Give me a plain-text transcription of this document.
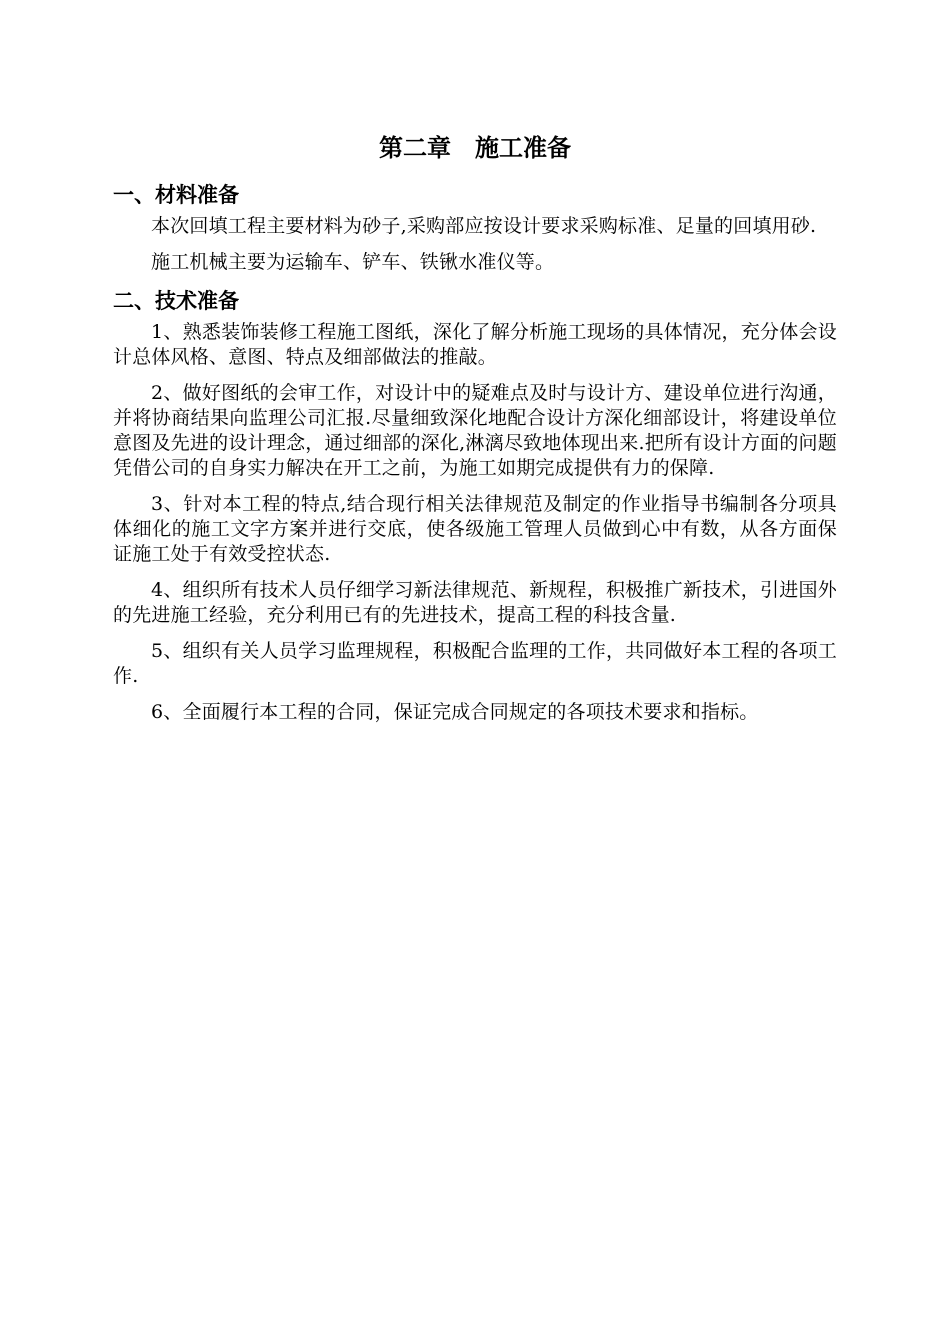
第二章　施工准备
一、材料准备

本次回填工程主要材料为砂子,采购部应按设计要求采购标准、足量的回填用砂.

施工机械主要为运输车、铲车、铁锹水准仪等。

二、技术准备

1、熟悉装饰装修工程施工图纸，深化了解分析施工现场的具体情况，充分体会设计总体风格、意图、特点及细部做法的推敲。

2、做好图纸的会审工作，对设计中的疑难点及时与设计方、建设单位进行沟通，并将协商结果向监理公司汇报.尽量细致深化地配合设计方深化细部设计，将建设单位意图及先进的设计理念，通过细部的深化,淋漓尽致地体现出来.把所有设计方面的问题凭借公司的自身实力解决在开工之前，为施工如期完成提供有力的保障.

3、针对本工程的特点,结合现行相关法律规范及制定的作业指导书编制各分项具体细化的施工文字方案并进行交底，使各级施工管理人员做到心中有数，从各方面保证施工处于有效受控状态.

4、组织所有技术人员仔细学习新法律规范、新规程，积极推广新技术，引进国外的先进施工经验，充分利用已有的先进技术，提高工程的科技含量.

5、组织有关人员学习监理规程，积极配合监理的工作，共同做好本工程的各项工作.

6、全面履行本工程的合同，保证完成合同规定的各项技术要求和指标。
